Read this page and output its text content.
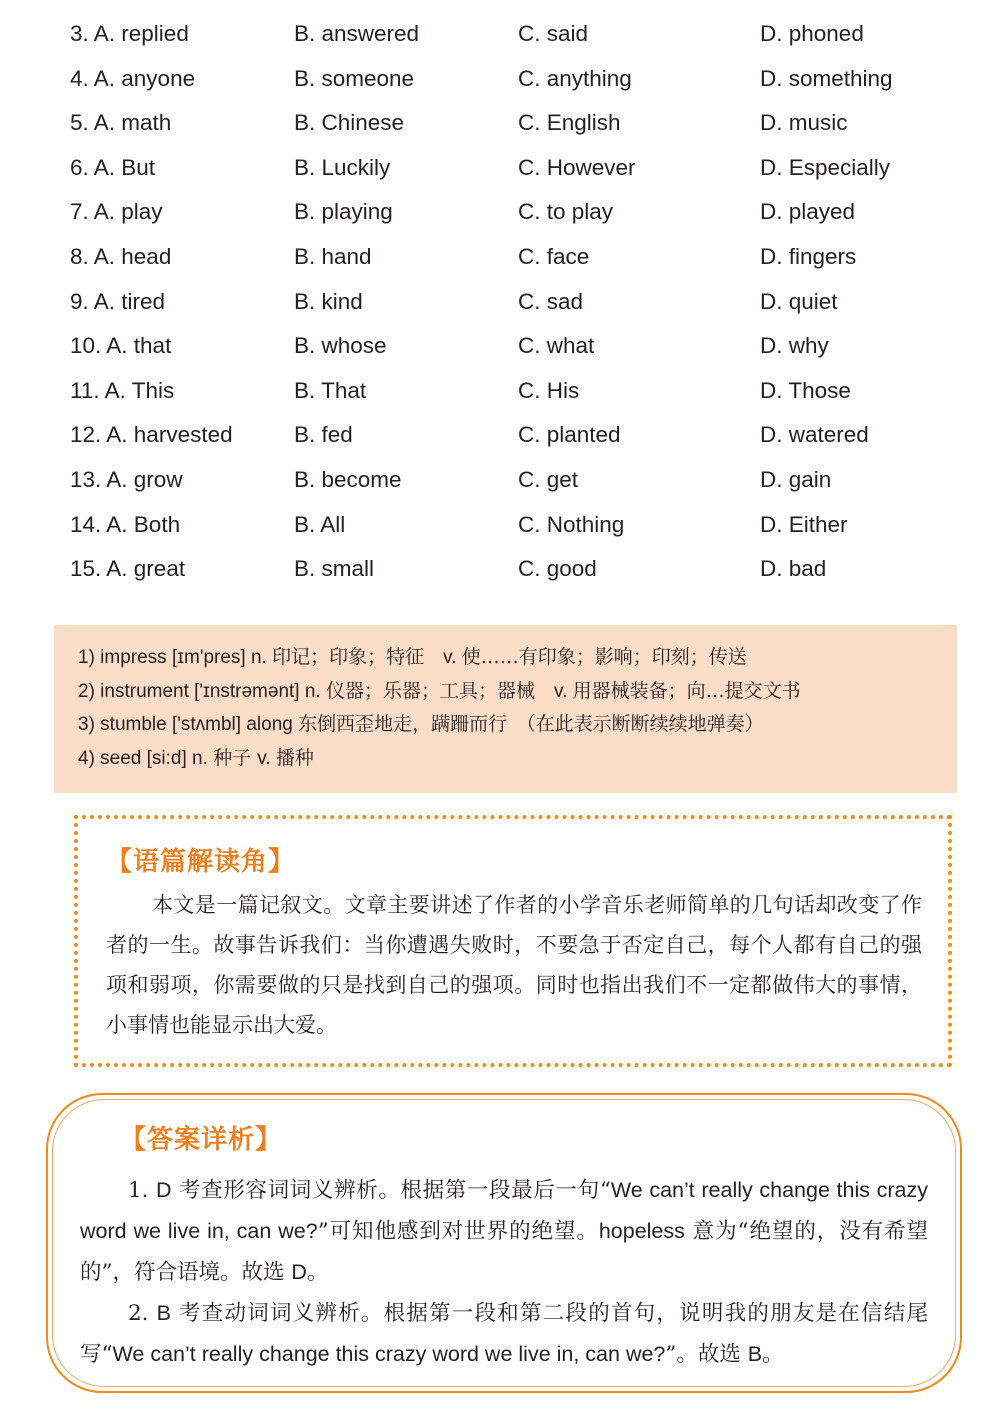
3. A. replied	B. answered	C. said	D. phoned
4. A. anyone	B. someone	C. anything	D. something
5. A. math	B. Chinese	C. English	D. music
6. A. But	B. Luckily	C. However	D. Especially
7. A. play	B. playing	C. to play	D. played
8. A. head	B. hand	C. face	D. fingers
9. A. tired	B. kind	C. sad	D. quiet
10. A. that	B. whose	C. what	D. why
11. A. This	B. That	C. His	D. Those
12. A. harvested	B. fed	C. planted	D. watered
13. A. grow	B. become	C. get	D. gain
14. A. Both	B. All	C. Nothing	D. Either
15. A. great	B. small	C. good	D. bad
1) impress [ɪm'pres] n. 印记；印象；特征　v. 使……有印象；影响；印刻；传送
2) instrument ['ɪnstrəmənt] n. 仪器；乐器；工具；器械　v. 用器械装备；向…提交文书
3) stumble ['stʌmbl] along 东倒西歪地走，蹒跚而行　（在此表示断断续续地弹奏）
4) seed [si:d] n. 种子 v. 播种
【语篇解读角】
本文是一篇记叙文。文章主要讲述了作者的小学音乐老师简单的几句话却改变了作者的一生。故事告诉我们：当你遭遇失败时，不要急于否定自己，每个人都有自己的强项和弱项，你需要做的只是找到自己的强项。同时也指出我们不一定都做伟大的事情，小事情也能显示出大爱。
【答案详析】

1. D 考查形容词词义辨析。根据第一段最后一句“We can’t really change this crazy word we live in, can we?”可知他感到对世界的绝望。hopeless 意为“绝望的，没有希望的”，符合语境。故选 D。

2. B 考查动词词义辨析。根据第一段和第二段的首句，说明我的朋友是在信结尾写“We can’t really change this crazy word we live in, can we?”。故选 B。
